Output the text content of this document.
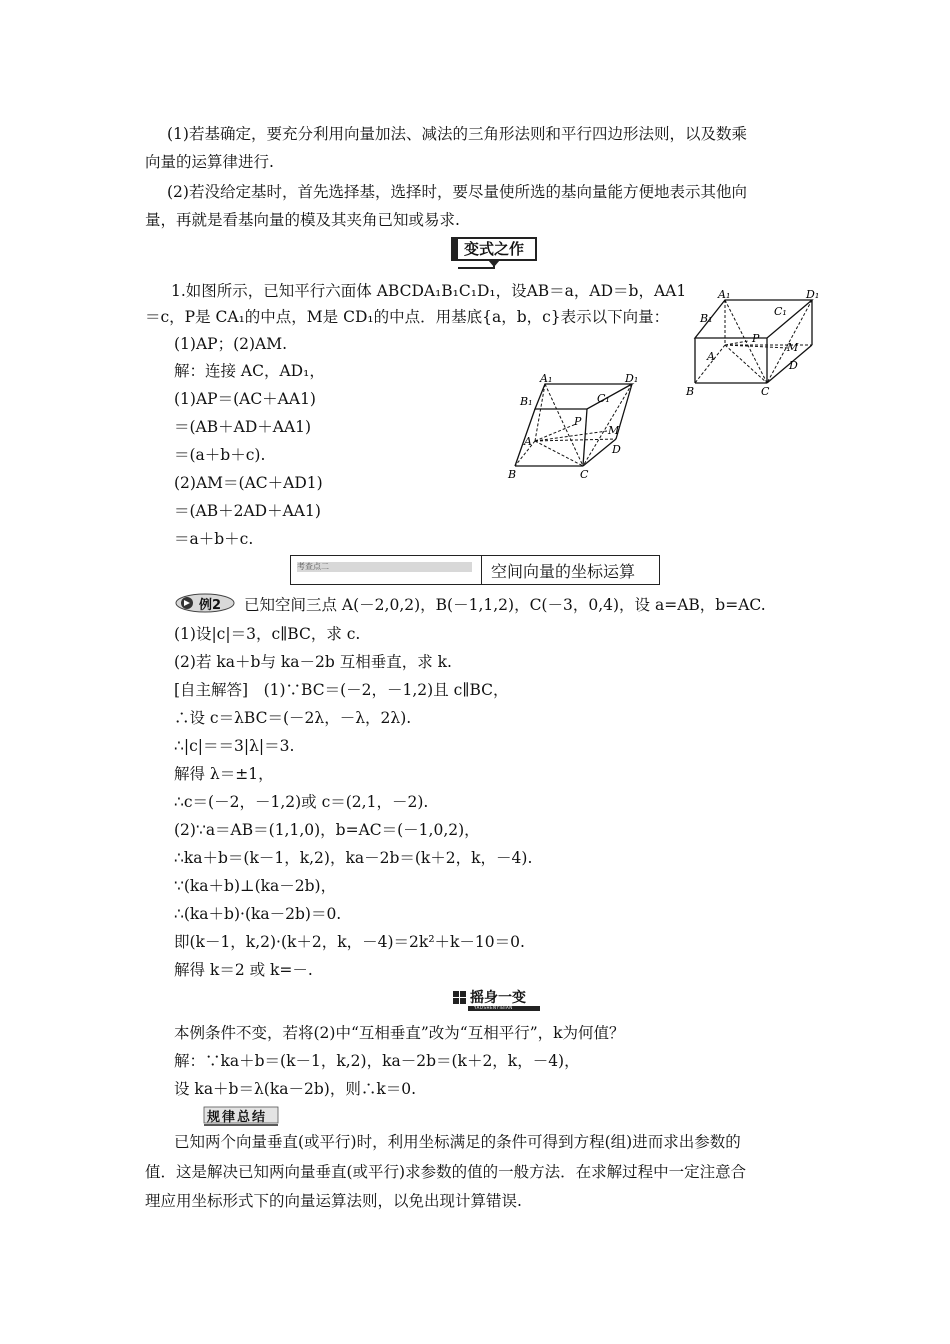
(1)若基确定，要充分利用向量加法、减法的三角形法则和平行四边形法则，以及数乘
向量的运算律进行.
(2)若没给定基时，首先选择基，选择时，要尽量使所选的基向量能方便地表示其他向
量，再就是看基向量的模及其夹角已知或易求.
变式之作
1.如图所示，已知平行六面体 ABCDA₁B₁C₁D₁，设AB＝a，AD＝b，AA1
＝c，P是 CA₁的中点，M是 CD₁的中点．用基底{a，b，c}表示以下向量：
(1)AP；(2)AM.
解：连接 AC，AD₁，
(1)AP＝(AC＋AA1)
＝(AB＋AD＋AA1)
＝(a＋b＋c).
(2)AM＝(AC＋AD1)
＝(AB＋2AD＋AA1)
＝a＋b＋c.
A₁	D₁
B₁
C₁
P
A
M
D
B	C
A₁	D₁
B₁	C₁
P
A
M
D
B	C
考查点二	空间向量的坐标运算
例2 已知空间三点 A(－2,0,2)，B(－1,1,2)，C(－3，0,4)，设 a=AB，b=AC.
(1)设|c|＝3，c∥BC，求 c.
(2)若 ka＋b与 ka－2b 互相垂直，求 k.
[自主解答]　(1)∵BC＝(－2，－1,2)且 c∥BC，
∴设 c＝λBC＝(－2λ，－λ，2λ).
∴|c|＝＝3|λ|＝3.
解得 λ＝±1，
∴c＝(－2，－1,2)或 c＝(2,1，－2).
(2)∵a＝AB＝(1,1,0)，b=AC＝(－1,0,2)，
∴ka＋b＝(k－1，k,2)，ka－2b＝(k＋2，k，－4).
∵(ka＋b)⊥(ka－2b)，
∴(ka＋b)·(ka－2b)＝0.
即(k－1，k,2)·(k＋2，k，－4)＝2k²＋k－10＝0.
解得 k＝2 或 k=－.
摇身一变
YAOSHENYIBIAN
本例条件不变，若将(2)中“互相垂直”改为“互相平行”，k为何值？
解：∵ka＋b＝(k－1，k,2)，ka－2b＝(k＋2，k，－4)，
设 ka＋b＝λ(ka－2b)，则∴k＝0.
规律总结
已知两个向量垂直(或平行)时，利用坐标满足的条件可得到方程(组)进而求出参数的
值．这是解决已知两向量垂直(或平行)求参数的值的一般方法．在求解过程中一定注意合
理应用坐标形式下的向量运算法则，以免出现计算错误.
